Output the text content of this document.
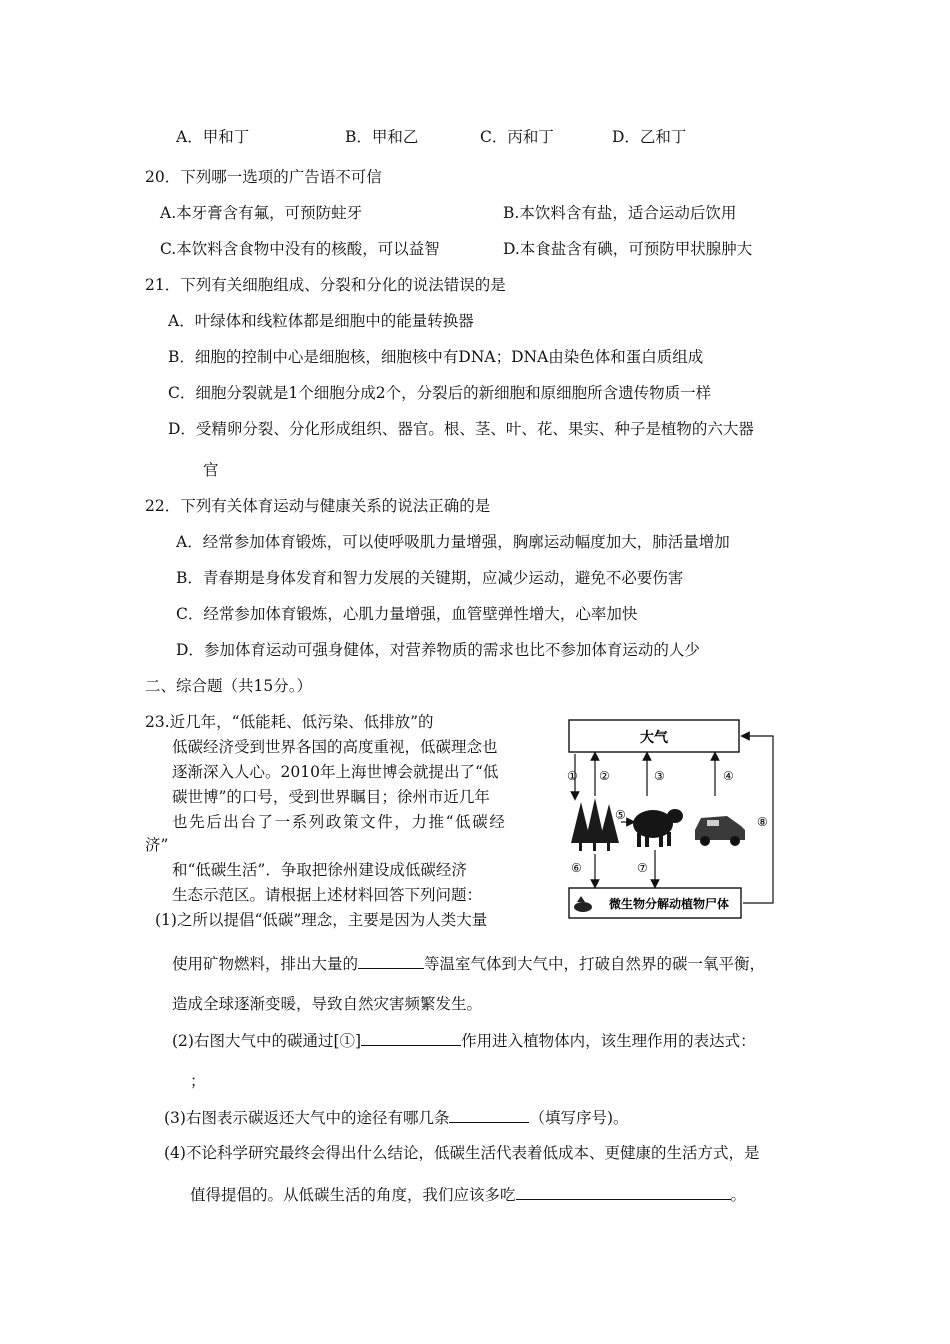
A．甲和丁	B．甲和乙	C．丙和丁	D．乙和丁
20．下列哪一选项的广告语不可信
A.本牙膏含有氟，可预防蛀牙	B.本饮料含有盐，适合运动后饮用
C.本饮料含食物中没有的核酸，可以益智	D.本食盐含有碘，可预防甲状腺肿大
21．下列有关细胞组成、分裂和分化的说法错误的是
A．叶绿体和线粒体都是细胞中的能量转换器
B．细胞的控制中心是细胞核，细胞核中有DNA；DNA由染色体和蛋白质组成
C．细胞分裂就是1个细胞分成2个，分裂后的新细胞和原细胞所含遗传物质一样
D．受精卵分裂、分化形成组织、器官。根、茎、叶、花、果实、种子是植物的六大器
官
22．下列有关体育运动与健康关系的说法正确的是
A．经常参加体育锻炼，可以使呼吸肌力量增强，胸廓运动幅度加大，肺活量增加
B．青春期是身体发育和智力发展的关键期，应减少运动，避免不必要伤害
C．经常参加体育锻炼，心肌力量增强，血管壁弹性增大，心率加快
D．参加体育运动可强身健体，对营养物质的需求也比不参加体育运动的人少
二、综合题（共15分。）
23.近几年，“低能耗、低污染、低排放”的
低碳经济受到世界各国的高度重视，低碳理念也
逐渐深入人心。2010年上海世博会就提出了“低
碳世博”的口号，受到世界瞩目；徐州市近几年
也先后出台了一系列政策文件，力推“低碳经
济”
和“低碳生活”．争取把徐州建设成低碳经济
生态示范区。请根据上述材料回答下列问题：
(1)之所以提倡“低碳”理念，主要是因为人类大量
使用矿物燃料，排出大量的	等温室气体到大气中，打破自然界的碳一氧平衡，
造成全球逐渐变暖，导致自然灾害频繁发生。
(2)右图大气中的碳通过[①]	作用进入植物体内，该生理作用的表达式：
；
(3)右图表示碳返还大气中的途径有哪几条	（填写序号)。
(4)不论科学研究最终会得出什么结论，低碳生活代表着低成本、更健康的生活方式，是
值得提倡的。从低碳生活的角度，我们应该多吃	。
大气
① ②	③	④
⑤
⑥	⑦
⑧
微生物分解动植物尸体
